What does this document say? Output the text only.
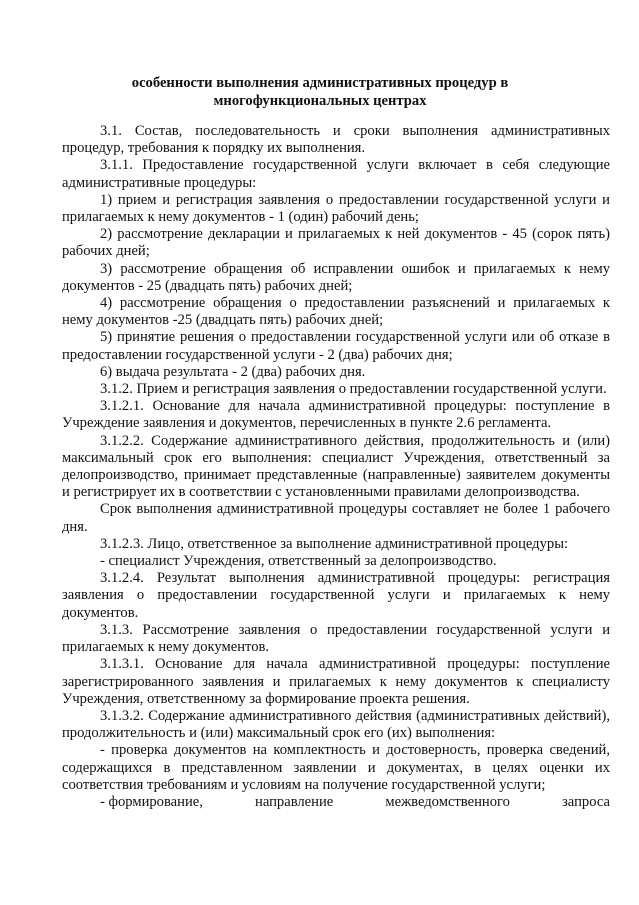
особенности выполнения административных процедур в
многофункциональных центрах

3.1. Состав, последовательность и сроки выполнения административных процедур, требования к порядку их выполнения.

3.1.1. Предоставление государственной услуги включает в себя следующие административные процедуры:

1) прием и регистрация заявления о предоставлении государственной услуги и прилагаемых к нему документов - 1 (один) рабочий день;

2) рассмотрение декларации и прилагаемых к ней документов - 45 (сорок пять) рабочих дней;

3) рассмотрение обращения об исправлении ошибок и прилагаемых к нему документов - 25 (двадцать пять) рабочих дней;

4) рассмотрение обращения о предоставлении разъяснений и прилагаемых к нему документов -25 (двадцать пять) рабочих дней;

5) принятие решения о предоставлении государственной услуги или об отказе в предоставлении государственной услуги - 2 (два) рабочих дня;

6) выдача результата - 2 (два) рабочих дня.

3.1.2. Прием и регистрация заявления о предоставлении государственной услуги.

3.1.2.1. Основание для начала административной процедуры: поступление в Учреждение заявления и документов, перечисленных в пункте 2.6 регламента.

3.1.2.2. Содержание административного действия, продолжительность и (или) максимальный срок его выполнения: специалист Учреждения, ответственный за делопроизводство, принимает представленные (направленные) заявителем документы и регистрирует их в соответствии с установленными правилами делопроизводства.

Срок выполнения административной процедуры составляет не более 1 рабочего дня.

3.1.2.3. Лицо, ответственное за выполнение административной процедуры:

- специалист Учреждения, ответственный за делопроизводство.

3.1.2.4. Результат выполнения административной процедуры: регистрация заявления о предоставлении государственной услуги и прилагаемых к нему документов.

3.1.3. Рассмотрение заявления о предоставлении государственной услуги и прилагаемых к нему документов.

3.1.3.1. Основание для начала административной процедуры: поступление зарегистрированного заявления и прилагаемых к нему документов к специалисту Учреждения, ответственному за формирование проекта решения.

3.1.3.2. Содержание административного действия (административных действий), продолжительность и (или) максимальный срок его (их) выполнения:

- проверка документов на комплектность и достоверность, проверка сведений, содержащихся в представленном заявлении и документах, в целях оценки их соответствия требованиям и условиям на получение государственной услуги;

- формирование,	направление	межведомственного	запроса
